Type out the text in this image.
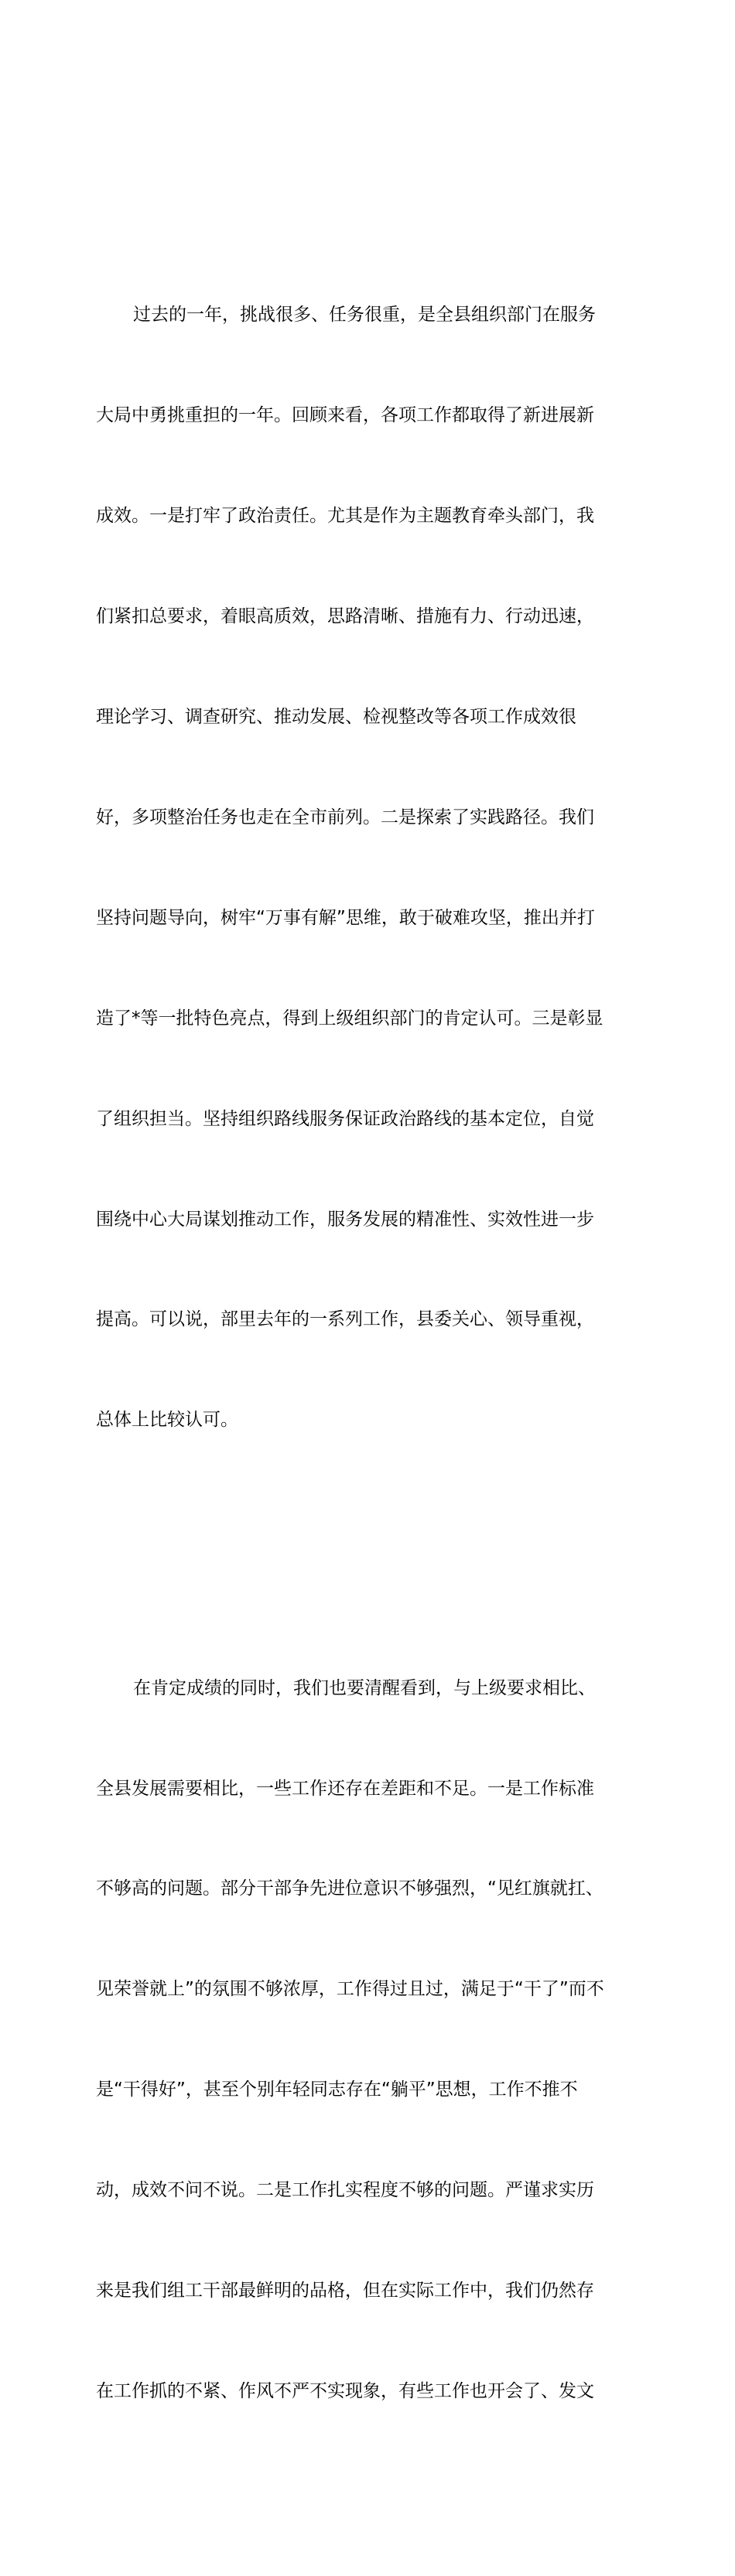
过去的一年，挑战很多、任务很重，是全县组织部门在服务

大局中勇挑重担的一年。回顾来看，各项工作都取得了新进展新

成效。一是打牢了政治责任。尤其是作为主题教育牵头部门，我

们紧扣总要求，着眼高质效，思路清晰、措施有力、行动迅速，

理论学习、调查研究、推动发展、检视整改等各项工作成效很

好，多项整治任务也走在全市前列。二是探索了实践路径。我们

坚持问题导向，树牢“万事有解”思维，敢于破难攻坚，推出并打

造了*等一批特色亮点，得到上级组织部门的肯定认可。三是彰显

了组织担当。坚持组织路线服务保证政治路线的基本定位，自觉

围绕中心大局谋划推动工作，服务发展的精准性、实效性进一步

提高。可以说，部里去年的一系列工作，县委关心、领导重视，

总体上比较认可。

在肯定成绩的同时，我们也要清醒看到，与上级要求相比、

全县发展需要相比，一些工作还存在差距和不足。一是工作标准

不够高的问题。部分干部争先进位意识不够强烈，“见红旗就扛、

见荣誉就上”的氛围不够浓厚，工作得过且过，满足于“干了”而不

是“干得好”，甚至个别年轻同志存在“躺平”思想，工作不推不

动，成效不问不说。二是工作扎实程度不够的问题。严谨求实历

来是我们组工干部最鲜明的品格，但在实际工作中，我们仍然存

在工作抓的不紧、作风不严不实现象，有些工作也开会了、发文
